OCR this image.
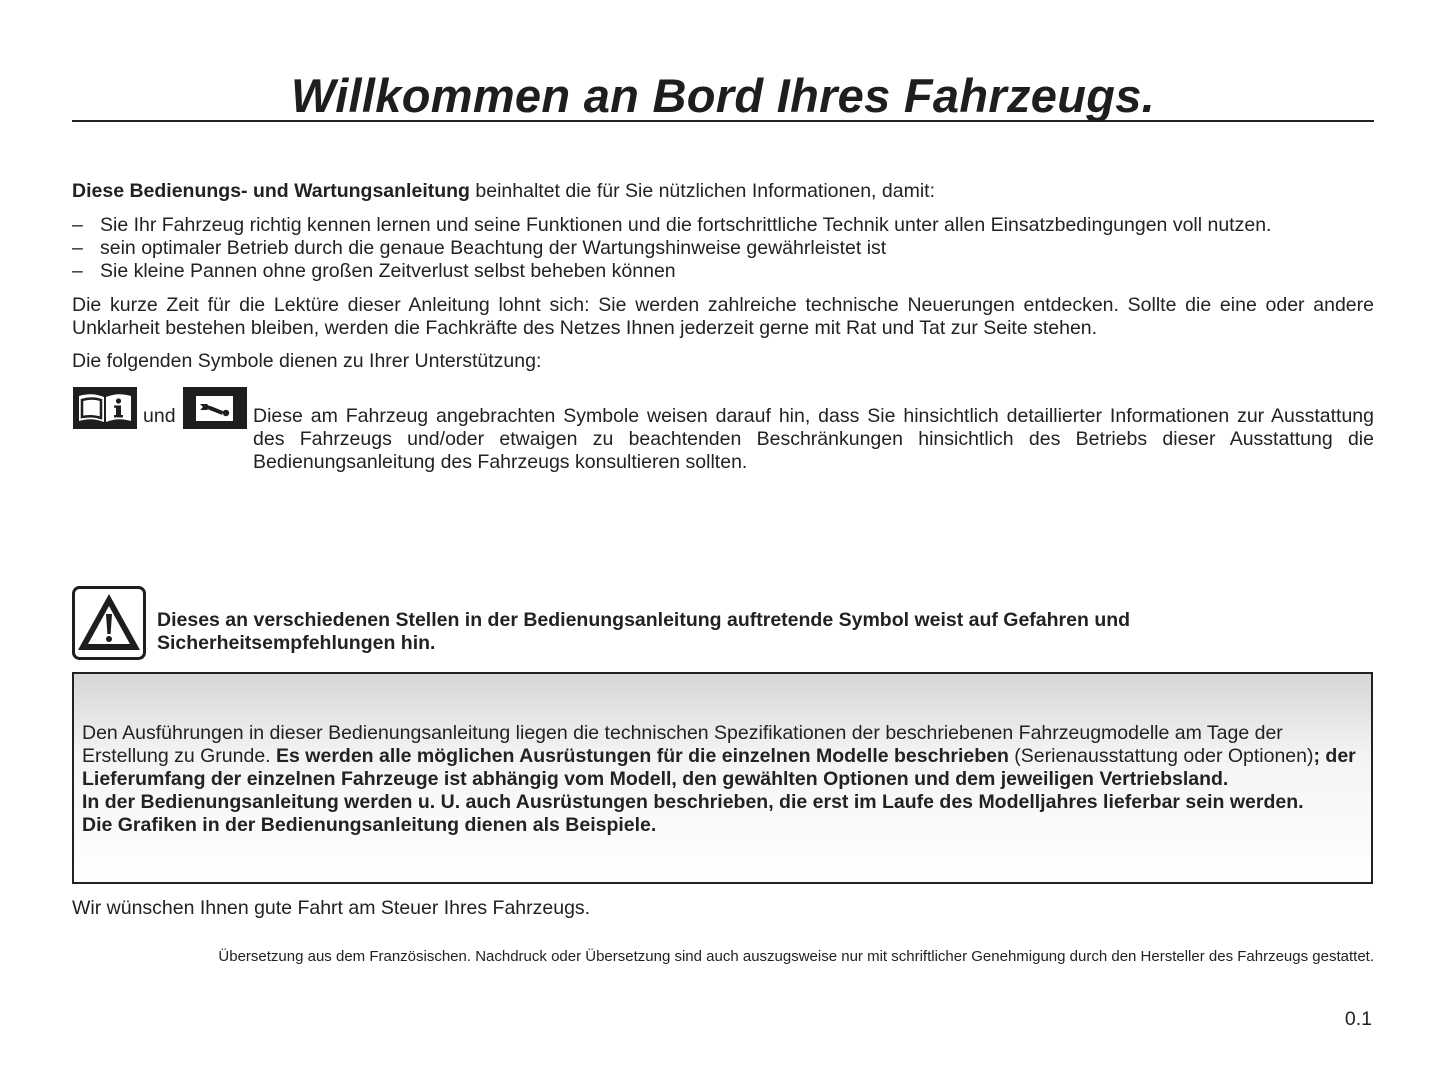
Willkommen an Bord Ihres Fahrzeugs.
Diese Bedienungs- und Wartungsanleitung beinhaltet die für Sie nützlichen Informationen, damit:
– Sie Ihr Fahrzeug richtig kennen lernen und seine Funktionen und die fortschrittliche Technik unter allen Einsatzbedingungen voll nutzen.
– sein optimaler Betrieb durch die genaue Beachtung der Wartungshinweise gewährleistet ist
– Sie kleine Pannen ohne großen Zeitverlust selbst beheben können
Die kurze Zeit für die Lektüre dieser Anleitung lohnt sich: Sie werden zahlreiche technische Neuerungen entdecken. Sollte die eine oder andere Unklarheit bestehen bleiben, werden die Fachkräfte des Netzes Ihnen jederzeit gerne mit Rat und Tat zur Seite stehen.
Die folgenden Symbole dienen zu Ihrer Unterstützung:
und	Diese am Fahrzeug angebrachten Symbole weisen darauf hin, dass Sie hinsichtlich detaillierter Informationen zur Ausstattung des Fahrzeugs und/oder etwaigen zu beachtenden Beschränkungen hinsichtlich des Betriebs dieser Ausstattung die Bedienungsanleitung des Fahrzeugs konsultieren sollten.
Dieses an verschiedenen Stellen in der Bedienungsanleitung auftretende Symbol weist auf Gefahren und Sicherheitsempfehlungen hin.
Den Ausführungen in dieser Bedienungsanleitung liegen die technischen Spezifikationen der beschriebenen Fahrzeugmodelle am Tage der Erstellung zu Grunde. Es werden alle möglichen Ausrüstungen für die einzelnen Modelle beschrieben (Serienausstattung oder Optionen); der Lieferumfang der einzelnen Fahrzeuge ist abhängig vom Modell, den gewählten Optionen und dem jeweiligen Vertriebsland.
In der Bedienungsanleitung werden u. U. auch Ausrüstungen beschrieben, die erst im Laufe des Modelljahres lieferbar sein werden.
Die Grafiken in der Bedienungsanleitung dienen als Beispiele.
Wir wünschen Ihnen gute Fahrt am Steuer Ihres Fahrzeugs.
Übersetzung aus dem Französischen. Nachdruck oder Übersetzung sind auch auszugsweise nur mit schriftlicher Genehmigung durch den Hersteller des Fahrzeugs gestattet.
0.1
